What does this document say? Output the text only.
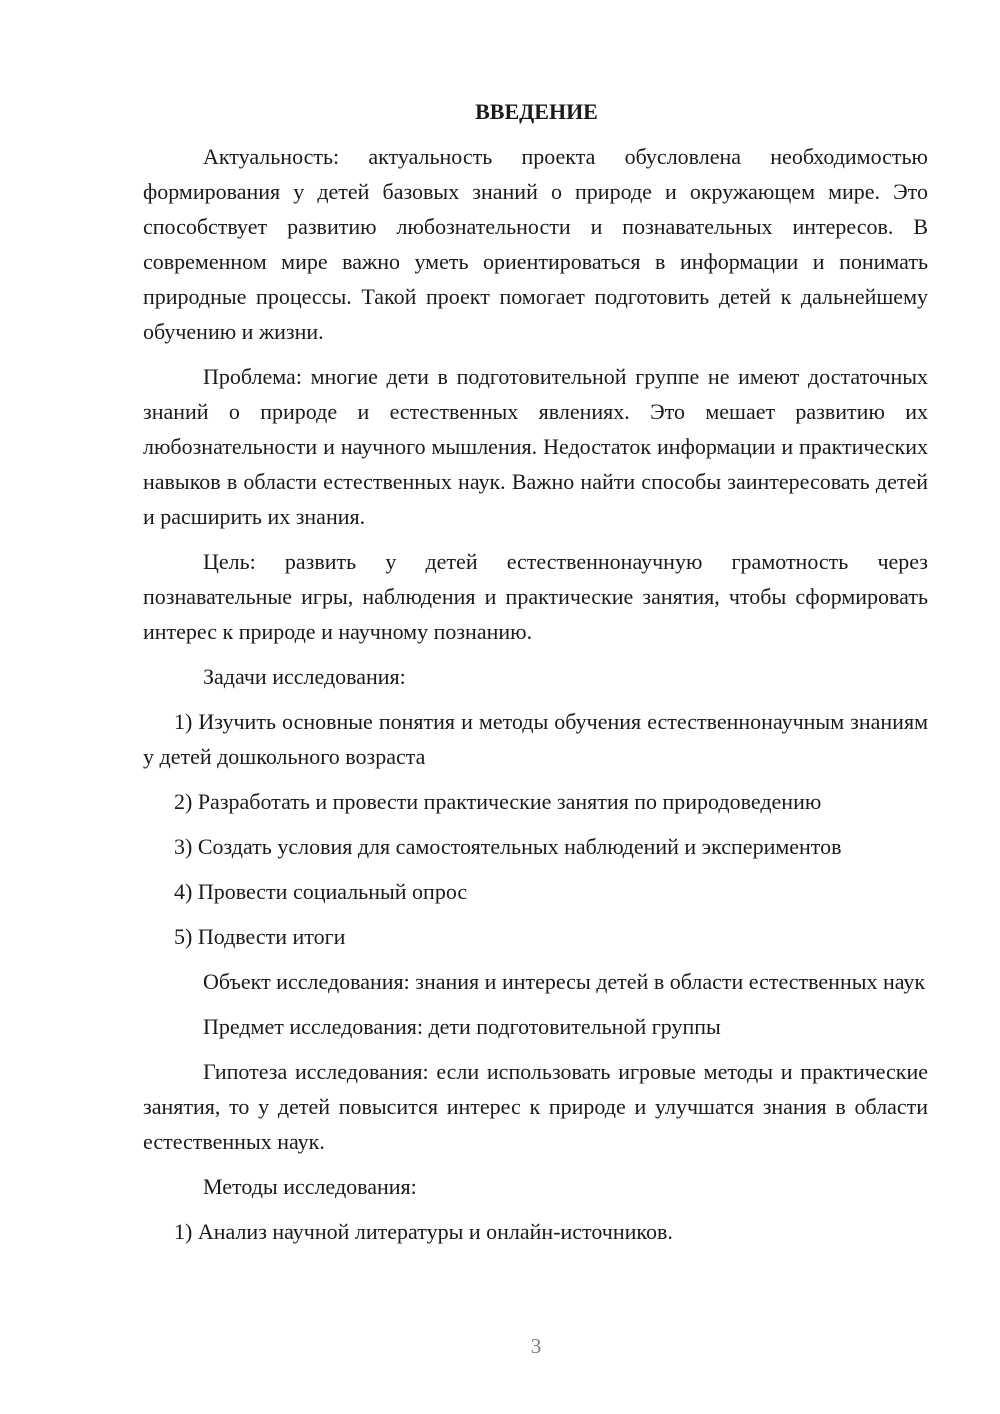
ВВЕДЕНИЕ
Актуальность: актуальность проекта обусловлена необходимостью формирования у детей базовых знаний о природе и окружающем мире. Это способствует развитию любознательности и познавательных интересов. В современном мире важно уметь ориентироваться в информации и понимать природные процессы. Такой проект помогает подготовить детей к дальнейшему обучению и жизни.
Проблема: многие дети в подготовительной группе не имеют достаточных знаний о природе и естественных явлениях. Это мешает развитию их любознательности и научного мышления. Недостаток информации и практических навыков в области естественных наук. Важно найти способы заинтересовать детей и расширить их знания.
Цель: развить у детей естественнонаучную грамотность через познавательные игры, наблюдения и практические занятия, чтобы сформировать интерес к природе и научному познанию.
Задачи исследования:
1) Изучить основные понятия и методы обучения естественнонаучным знаниям у детей дошкольного возраста
2) Разработать и провести практические занятия по природоведению
3) Создать условия для самостоятельных наблюдений и экспериментов
4) Провести социальный опрос
5) Подвести итоги
Объект исследования: знания и интересы детей в области естественных наук
Предмет исследования: дети подготовительной группы
Гипотеза исследования: если использовать игровые методы и практические занятия, то у детей повысится интерес к природе и улучшатся знания в области естественных наук.
Методы исследования:
1) Анализ научной литературы и онлайн-источников.
3
